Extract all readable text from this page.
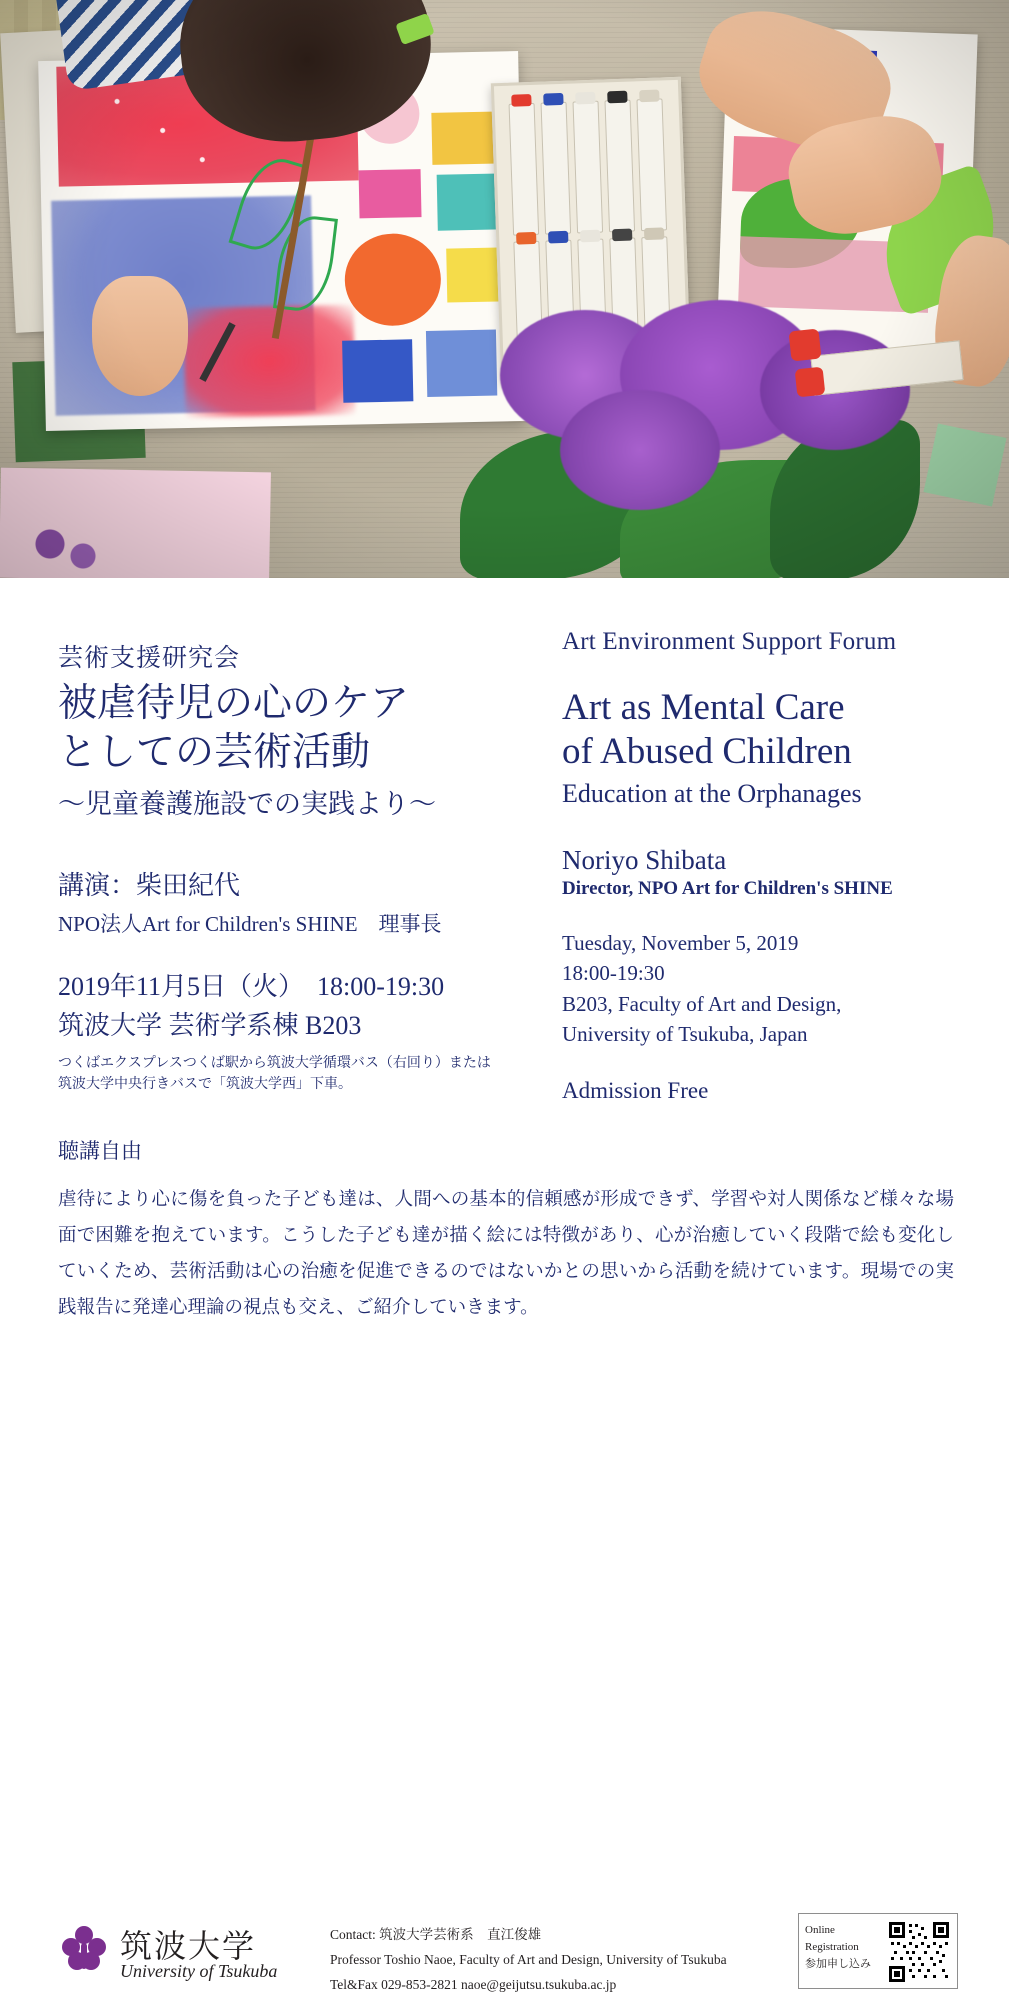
芸術支援研究会
被虐待児の心のケア
としての芸術活動
〜児童養護施設での実践より〜
講演：柴田紀代
NPO法人Art for Children's SHINE　理事長
2019年11月5日（火）　18:00-19:30
筑波大学 芸術学系棟 B203
つくばエクスプレスつくば駅から筑波大学循環バス（右回り）または筑波大学中央行きバスで「筑波大学西」下車。
聴講自由
Art Environment Support Forum
Art as Mental Care
of Abused Children
Education at the Orphanages
Noriyo Shibata
Director, NPO Art for Children's SHINE
Tuesday, November 5, 2019
18:00-19:30
B203, Faculty of Art and Design,
University of Tsukuba, Japan
Admission Free
虐待により心に傷を負った子ども達は、人間への基本的信頼感が形成できず、学習や対人関係など様々な場面で困難を抱えています。こうした子ども達が描く絵には特徴があり、心が治癒していく段階で絵も変化していくため、芸術活動は心の治癒を促進できるのではないかとの思いから活動を続けています。現場での実践報告に発達心理論の視点も交え、ご紹介していきます。
筑波大学
University of Tsukuba
Contact: 筑波大学芸術系　直江俊雄
Professor Toshio Naoe, Faculty of Art and Design, University of Tsukuba
Tel&Fax 029-853-2821 naoe@geijutsu.tsukuba.ac.jp
Online
Registration
参加申し込み
